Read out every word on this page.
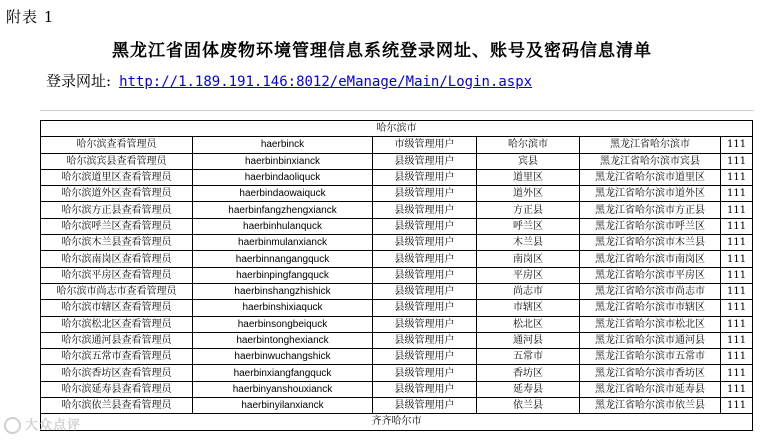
附表 1
黑龙江省固体废物环境管理信息系统登录网址、账号及密码信息清单
登录网址: http://1.189.191.146:8012/eManage/Main/Login.aspx
哈尔滨市					
哈尔滨查看管理员	haerbinck	市级管理用户	哈尔滨市	黑龙江省哈尔滨市	111
哈尔滨宾县查看管理员	haerbinbinxianck	县级管理用户	宾县	黑龙江省哈尔滨市宾县	111
哈尔滨道里区查看管理员	haerbindaoliquck	县级管理用户	道里区	黑龙江省哈尔滨市道里区	111
哈尔滨道外区查看管理员	haerbindaowaiquck	县级管理用户	道外区	黑龙江省哈尔滨市道外区	111
哈尔滨方正县查看管理员	haerbinfangzhengxianck	县级管理用户	方正县	黑龙江省哈尔滨市方正县	111
哈尔滨呼兰区查看管理员	haerbinhulanquck	县级管理用户	呼兰区	黑龙江省哈尔滨市呼兰区	111
哈尔滨木兰县查看管理员	haerbinmulanxianck	县级管理用户	木兰县	黑龙江省哈尔滨市木兰县	111
哈尔滨南岗区查看管理员	haerbinnangangquck	县级管理用户	南岗区	黑龙江省哈尔滨市南岗区	111
哈尔滨平房区查看管理员	haerbinpingfangquck	县级管理用户	平房区	黑龙江省哈尔滨市平房区	111
哈尔滨市尚志市查看管理员	haerbinshangzhishick	县级管理用户	尚志市	黑龙江省哈尔滨市尚志市	111
哈尔滨市辖区查看管理员	haerbinshixiaquck	县级管理用户	市辖区	黑龙江省哈尔滨市市辖区	111
哈尔滨松北区查看管理员	haerbinsongbeiquck	县级管理用户	松北区	黑龙江省哈尔滨市松北区	111
哈尔滨通河县查看管理员	haerbintonghexianck	县级管理用户	通河县	黑龙江省哈尔滨市通河县	111
哈尔滨五常市查看管理员	haerbinwuchangshick	县级管理用户	五常市	黑龙江省哈尔滨市五常市	111
哈尔滨香坊区查看管理员	haerbinxiangfangquck	县级管理用户	香坊区	黑龙江省哈尔滨市香坊区	111
哈尔滨延寿县查看管理员	haerbinyanshouxianck	县级管理用户	延寿县	黑龙江省哈尔滨市延寿县	111
哈尔滨依兰县查看管理员	haerbinyilanxianck	县级管理用户	依兰县	黑龙江省哈尔滨市依兰县	111
齐齐哈尔市					
大众点评
